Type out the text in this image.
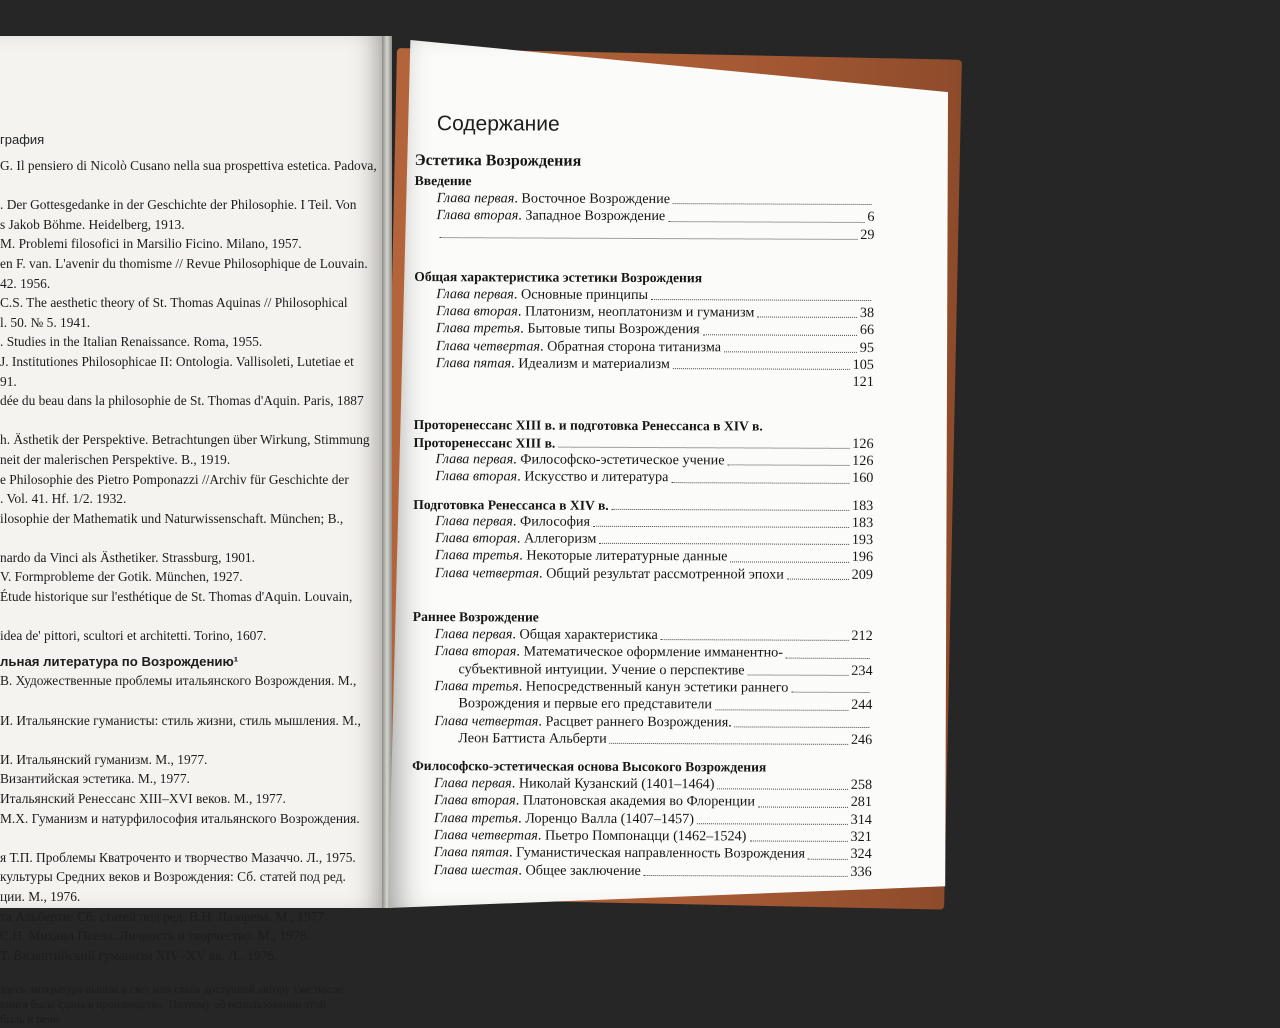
графия
G. Il pensiero di Nicolò Cusano nella sua prospettiva estetica. Padova,

. Der Gottesgedanke in der Geschichte der Philosophie. I Teil. Von
s Jakob Böhme. Heidelberg, 1913.
M. Problemi filosofici in Marsilio Ficino. Milano, 1957.
en F. van. L'avenir du thomisme // Revue Philosophique de Louvain.
42. 1956.
C.S. The aesthetic theory of St. Thomas Aquinas // Philosophical
l. 50. № 5. 1941.
. Studies in the Italian Renaissance. Roma, 1955.
J. Institutiones Philosophicae II: Ontologia. Vallisoleti, Lutetiae et
91.
dée du beau dans la philosophie de St. Thomas d'Aquin. Paris, 1887

h. Ästhetik der Perspektive. Betrachtungen über Wirkung, Stimmung
neit der malerischen Perspektive. B., 1919.
e Philosophie des Pietro Pomponazzi //Archiv für Geschichte der
. Vol. 41. Hf. 1/2. 1932.
ilosophie der Mathematik und Naturwissenschaft. München; B.,

nardo da Vinci als Ästhetiker. Strassburg, 1901.
V. Formprobleme der Gotik. München, 1927.
Étude historique sur l'esthétique de St. Thomas d'Aquin. Louvain,

idea de' pittori, scultori et architetti. Torino, 1607.
льная литература по Возрождению¹
В. Художественные проблемы итальянского Возрождения. М.,

И. Итальянские гуманисты: стиль жизни, стиль мышления. М.,

И. Итальянский гуманизм. М., 1977.
Византийская эстетика. М., 1977.
Итальянский Ренессанс XIII–XVI веков. М., 1977.
М.Х. Гуманизм и натурфилософия итальянского Возрождения.

я Т.П. Проблемы Кватроченто и творчество Мазаччо. Л., 1975.
культуры Средних веков и Возрождения: Сб. статей под ред.
ции. М., 1976.
та Альберти: Сб. статей под ред. В.Н. Лазарева. М., 1977.
С.Н. Михаил Пселл. Личность и творчество. М., 1978.
Т. Византийский гуманизм XIV–XV вв. Л., 1976.
здесь литература вышла в свет или стала доступной автору уже после
книга была сдана в производство. Поэтому об использовании этой
быль и речи.
Содержание
Эстетика Возрождения
Введение
Глава первая. Восточное Возрождение
Глава вторая. Западное Возрождение	6
29
Общая характеристика эстетики Возрождения
Глава первая. Основные принципы
Глава вторая. Платонизм, неоплатонизм и гуманизм	38
Глава третья. Бытовые типы Возрождения	66
Глава четвертая. Обратная сторона титанизма	95
Глава пятая. Идеализм и материализм	105
121
Проторенессанс XIII в. и подготовка Ренессанса в XIV в.
Проторенессанс XIII в.	126
Глава первая. Философско-эстетическое учение	126
Глава вторая. Искусство и литература	160
Подготовка Ренессанса в XIV в.	183
Глава первая. Философия	183
Глава вторая. Аллегоризм	193
Глава третья. Некоторые литературные данные	196
Глава четвертая. Общий результат рассмотренной эпохи	209
Раннее Возрождение
Глава первая. Общая характеристика	212
Глава вторая. Математическое оформление имманентно-
субъективной интуиции. Учение о перспективе	234
Глава третья. Непосредственный канун эстетики раннего
Возрождения и первые его представители	244
Глава четвертая. Расцвет раннего Возрождения.
Леон Баттиста Альберти	246
Философско-эстетическая основа Высокого Возрождения
Глава первая. Николай Кузанский (1401–1464)	258
Глава вторая. Платоновская академия во Флоренции	281
Глава третья. Лоренцо Валла (1407–1457)	314
Глава четвертая. Пьетро Помпонацци (1462–1524)	321
Глава пятая. Гуманистическая направленность Возрождения	324
Глава шестая. Общее заключение	336
